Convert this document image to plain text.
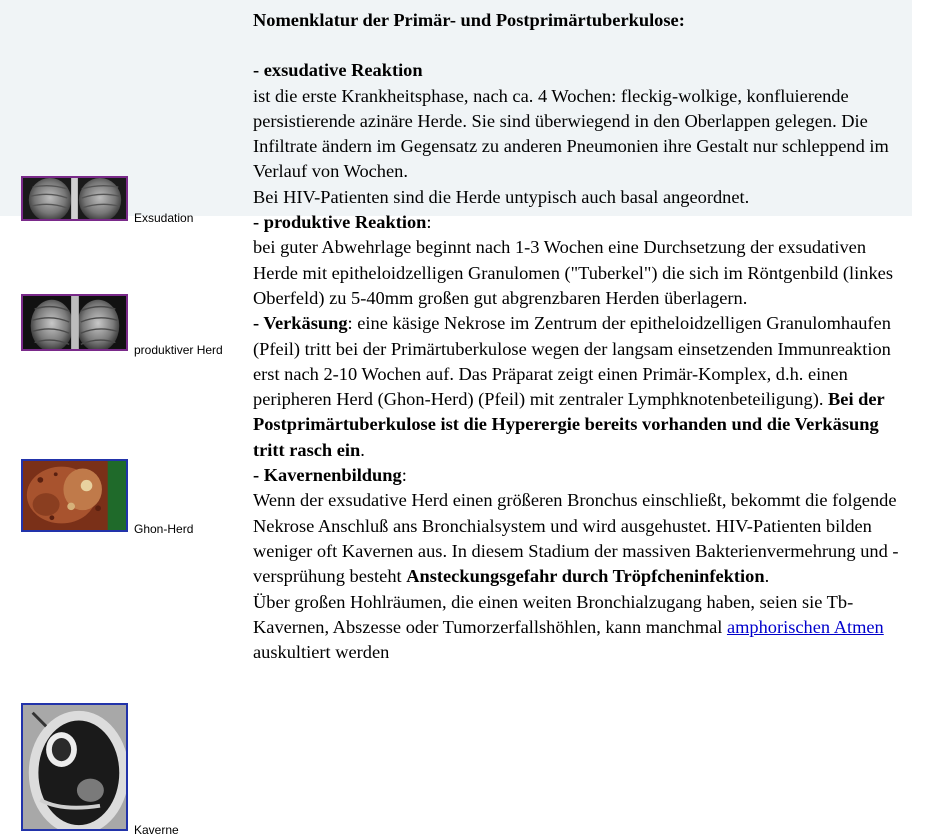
Nomenklatur der Primär- und Postprimärtuberkulose:

- exsudative Reaktion
ist die erste Krankheitsphase, nach ca. 4 Wochen: fleckig-wolkige, konfluierende persistierende azinäre Herde. Sie sind überwiegend in den Oberlappen gelegen. Die Infiltrate ändern im Gegensatz zu anderen Pneumonien ihre Gestalt nur schleppend im Verlauf von Wochen.
Bei HIV-Patienten sind die Herde untypisch auch basal angeordnet.
- produktive Reaktion:
bei guter Abwehrlage beginnt nach 1-3 Wochen eine Durchsetzung der exsudativen Herde mit epitheloidzelligen Granulomen ("Tuberkel") die sich im Röntgenbild (linkes Oberfeld) zu 5-40mm großen gut abgrenzbaren Herden überlagern.
- Verkäsung: eine käsige Nekrose im Zentrum der epitheloidzelligen Granulomhaufen (Pfeil) tritt bei der Primärtuberkulose wegen der langsam einsetzenden Immunreaktion erst nach 2-10 Wochen auf. Das Präparat zeigt einen Primär-Komplex, d.h. einen peripheren Herd (Ghon-Herd) (Pfeil) mit zentraler Lymphknotenbeteiligung). Bei der Postprimärtuberkulose ist die Hyperergie bereits vorhanden und die Verkäsung tritt rasch ein.
- Kavernenbildung:
Wenn der exsudative Herd einen größeren Bronchus einschließt, bekommt die folgende Nekrose Anschluß ans Bronchialsystem und wird ausgehustet. HIV-Patienten bilden weniger oft Kavernen aus. In diesem Stadium der massiven Bakterienvermehrung und -versprühung besteht Ansteckungsgefahr durch Tröpfcheninfektion.
Über großen Hohlräumen, die einen weiten Bronchialzugang haben, seien sie Tb-Kavernen, Abszesse oder Tumorzerfallshöhlen, kann manchmal amphorischen Atmen auskultiert werden

Exsudation
produktiver Herd
Ghon-Herd
Kaverne
